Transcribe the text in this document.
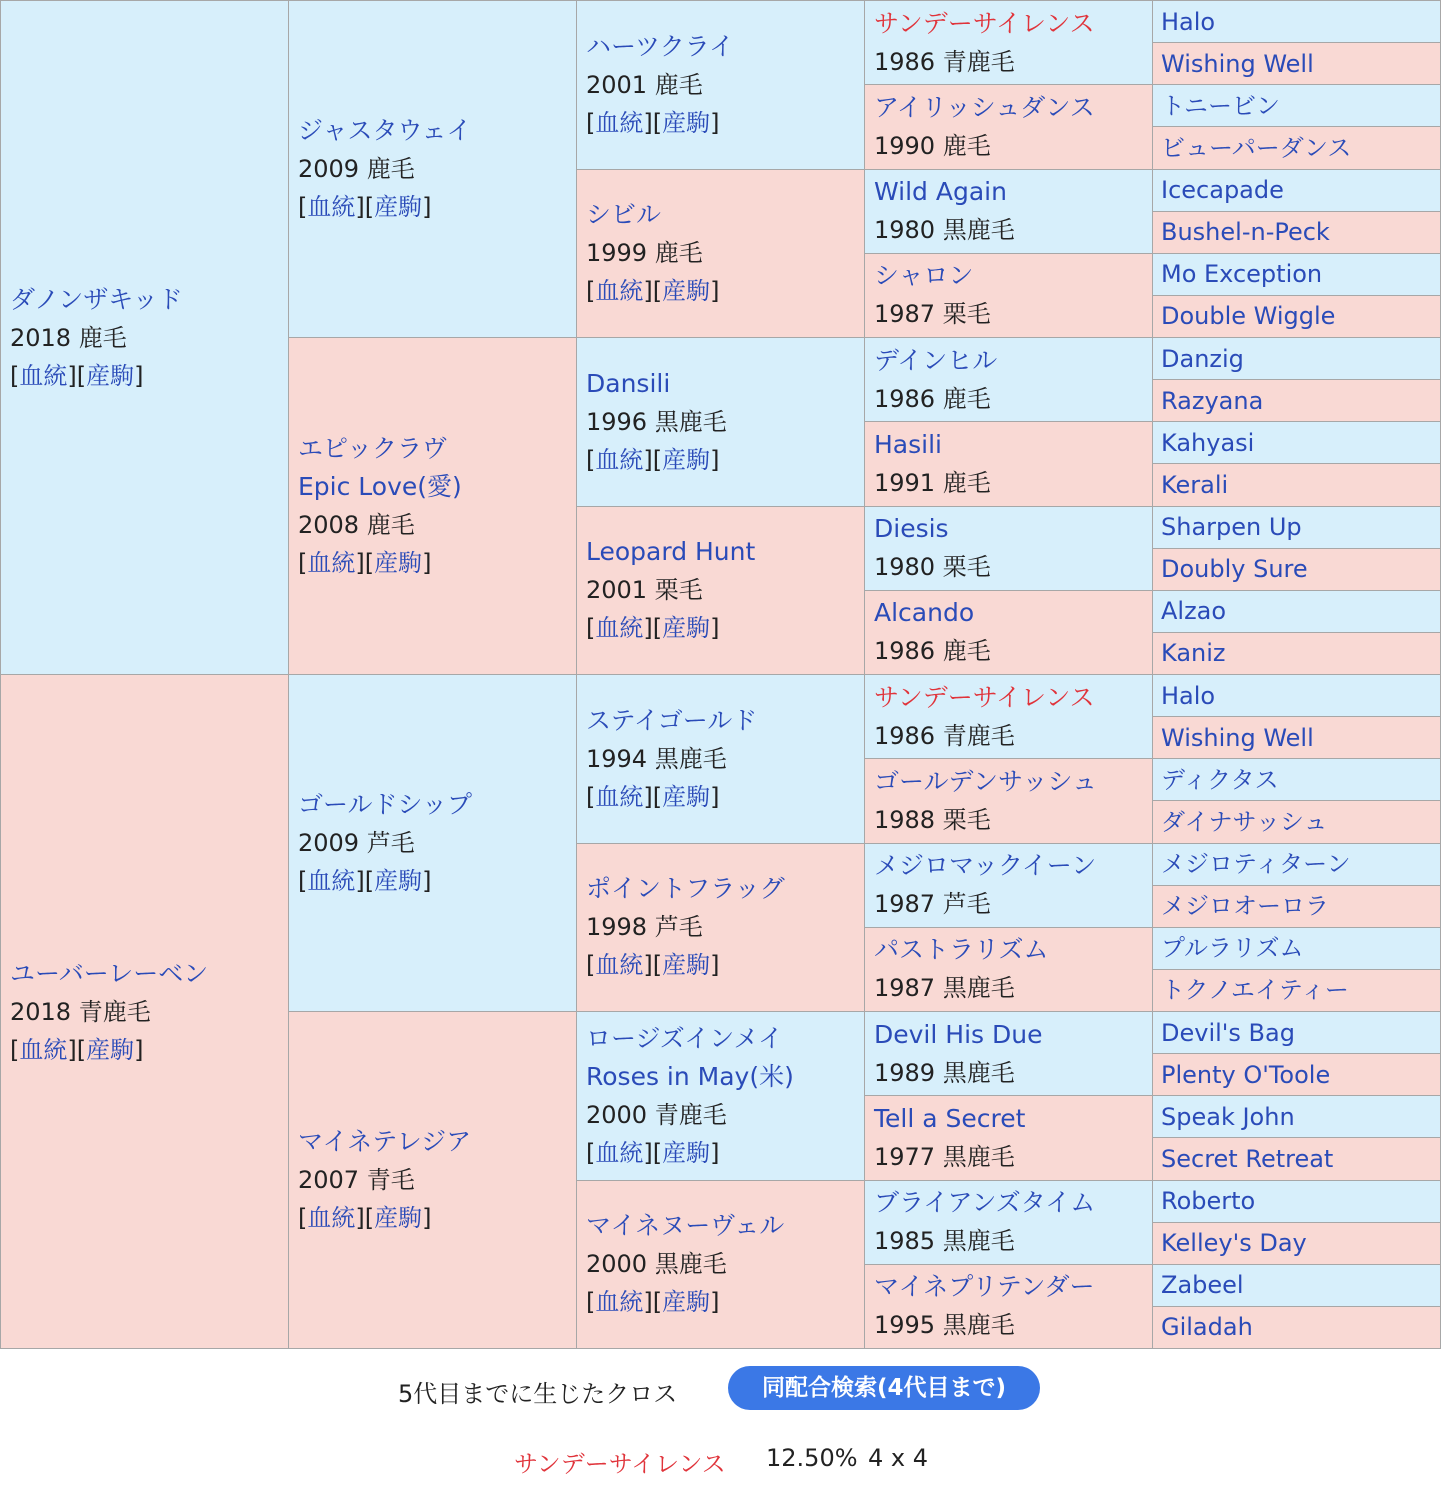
ダノンザキッド
2018 鹿毛
[血統][産駒]
ユーバーレーベン
2018 青鹿毛
[血統][産駒]
ジャスタウェイ
2009 鹿毛
[血統][産駒]
エピックラヴ
Epic Love(愛)
2008 鹿毛
[血統][産駒]
ゴールドシップ
2009 芦毛
[血統][産駒]
マイネテレジア
2007 青毛
[血統][産駒]
ハーツクライ
2001 鹿毛
[血統][産駒]
シビル
1999 鹿毛
[血統][産駒]
Dansili
1996 黒鹿毛
[血統][産駒]
Leopard Hunt
2001 栗毛
[血統][産駒]
ステイゴールド
1994 黒鹿毛
[血統][産駒]
ポイントフラッグ
1998 芦毛
[血統][産駒]
ロージズインメイ
Roses in May(米)
2000 青鹿毛
[血統][産駒]
マイネヌーヴェル
2000 黒鹿毛
[血統][産駒]
サンデーサイレンス
1986 青鹿毛
アイリッシュダンス
1990 鹿毛
Wild Again
1980 黒鹿毛
シャロン
1987 栗毛
デインヒル
1986 鹿毛
Hasili
1991 鹿毛
Diesis
1980 栗毛
Alcando
1986 鹿毛
サンデーサイレンス
1986 青鹿毛
ゴールデンサッシュ
1988 栗毛
メジロマックイーン
1987 芦毛
パストラリズム
1987 黒鹿毛
Devil His Due
1989 黒鹿毛
Tell a Secret
1977 黒鹿毛
ブライアンズタイム
1985 黒鹿毛
マイネプリテンダー
1995 黒鹿毛
Halo
Wishing Well
トニービン
ビューパーダンス
Icecapade
Bushel-n-Peck
Mo Exception
Double Wiggle
Danzig
Razyana
Kahyasi
Kerali
Sharpen Up
Doubly Sure
Alzao
Kaniz
Halo
Wishing Well
ディクタス
ダイナサッシュ
メジロティターン
メジロオーロラ
プルラリズム
トクノエイティー
Devil's Bag
Plenty O'Toole
Speak John
Secret Retreat
Roberto
Kelley's Day
Zabeel
Giladah
5代目までに生じたクロス	同配合検索(4代目まで)
サンデーサイレンス 12.50% 4 x 4
